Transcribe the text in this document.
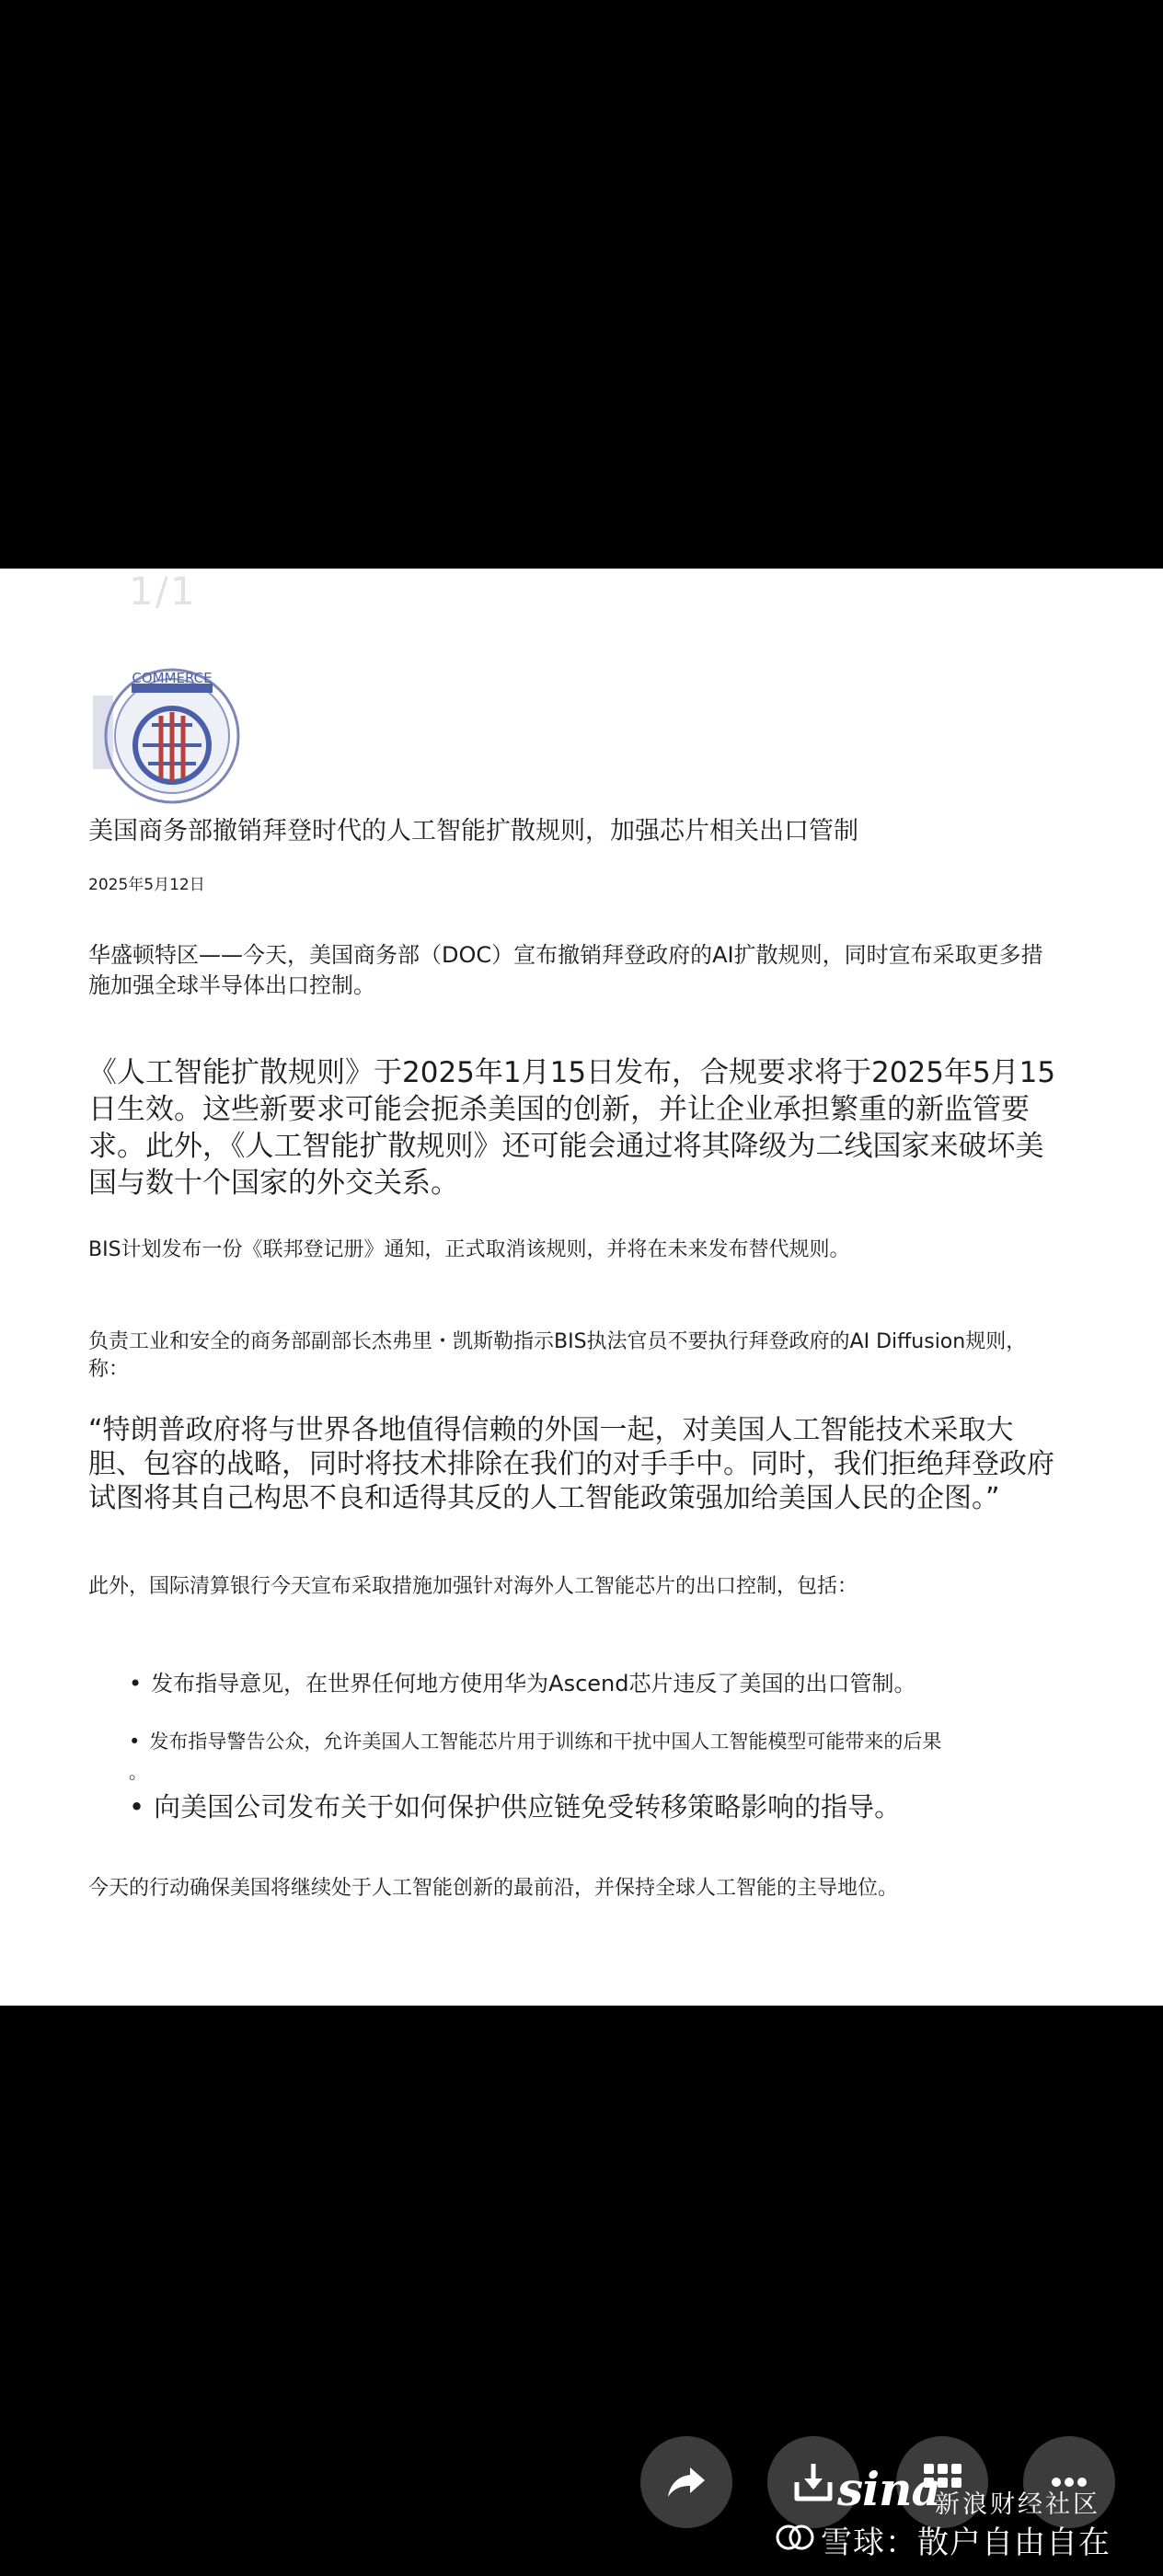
1/1
COMMERCE

美国商务部撤销拜登时代的人工智能扩散规则，加强芯片相关出口管制

2025年5月12日

华盛顿特区——今天，美国商务部（DOC）宣布撤销拜登政府的AI扩散规则，同时宣布采取更多措施加强全球半导体出口控制。

《人工智能扩散规则》于2025年1月15日发布，合规要求将于2025年5月15日生效。这些新要求可能会扼杀美国的创新，并让企业承担繁重的新监管要求。此外，《人工智能扩散规则》还可能会通过将其降级为二线国家来破坏美国与数十个国家的外交关系。

BIS计划发布一份《联邦登记册》通知，正式取消该规则，并将在未来发布替代规则。

负责工业和安全的商务部副部长杰弗里・凯斯勒指示BIS执法官员不要执行拜登政府的AI Diffusion规则，称：

“特朗普政府将与世界各地值得信赖的外国一起，对美国人工智能技术采取大胆、包容的战略，同时将技术排除在我们的对手手中。同时，我们拒绝拜登政府试图将其自己构思不良和适得其反的人工智能政策强加给美国人民的企图。”

此外，国际清算银行今天宣布采取措施加强针对海外人工智能芯片的出口控制，包括：

• 发布指导意见，在世界任何地方使用华为Ascend芯片违反了美国的出口管制。

• 发布指导警告公众，允许美国人工智能芯片用于训练和干扰中国人工智能模型可能带来的后果

。

• 向美国公司发布关于如何保护供应链免受转移策略影响的指导。

今天的行动确保美国将继续处于人工智能创新的最前沿，并保持全球人工智能的主导地位。

sina
新浪财经社区
雪球：散户自由自在
